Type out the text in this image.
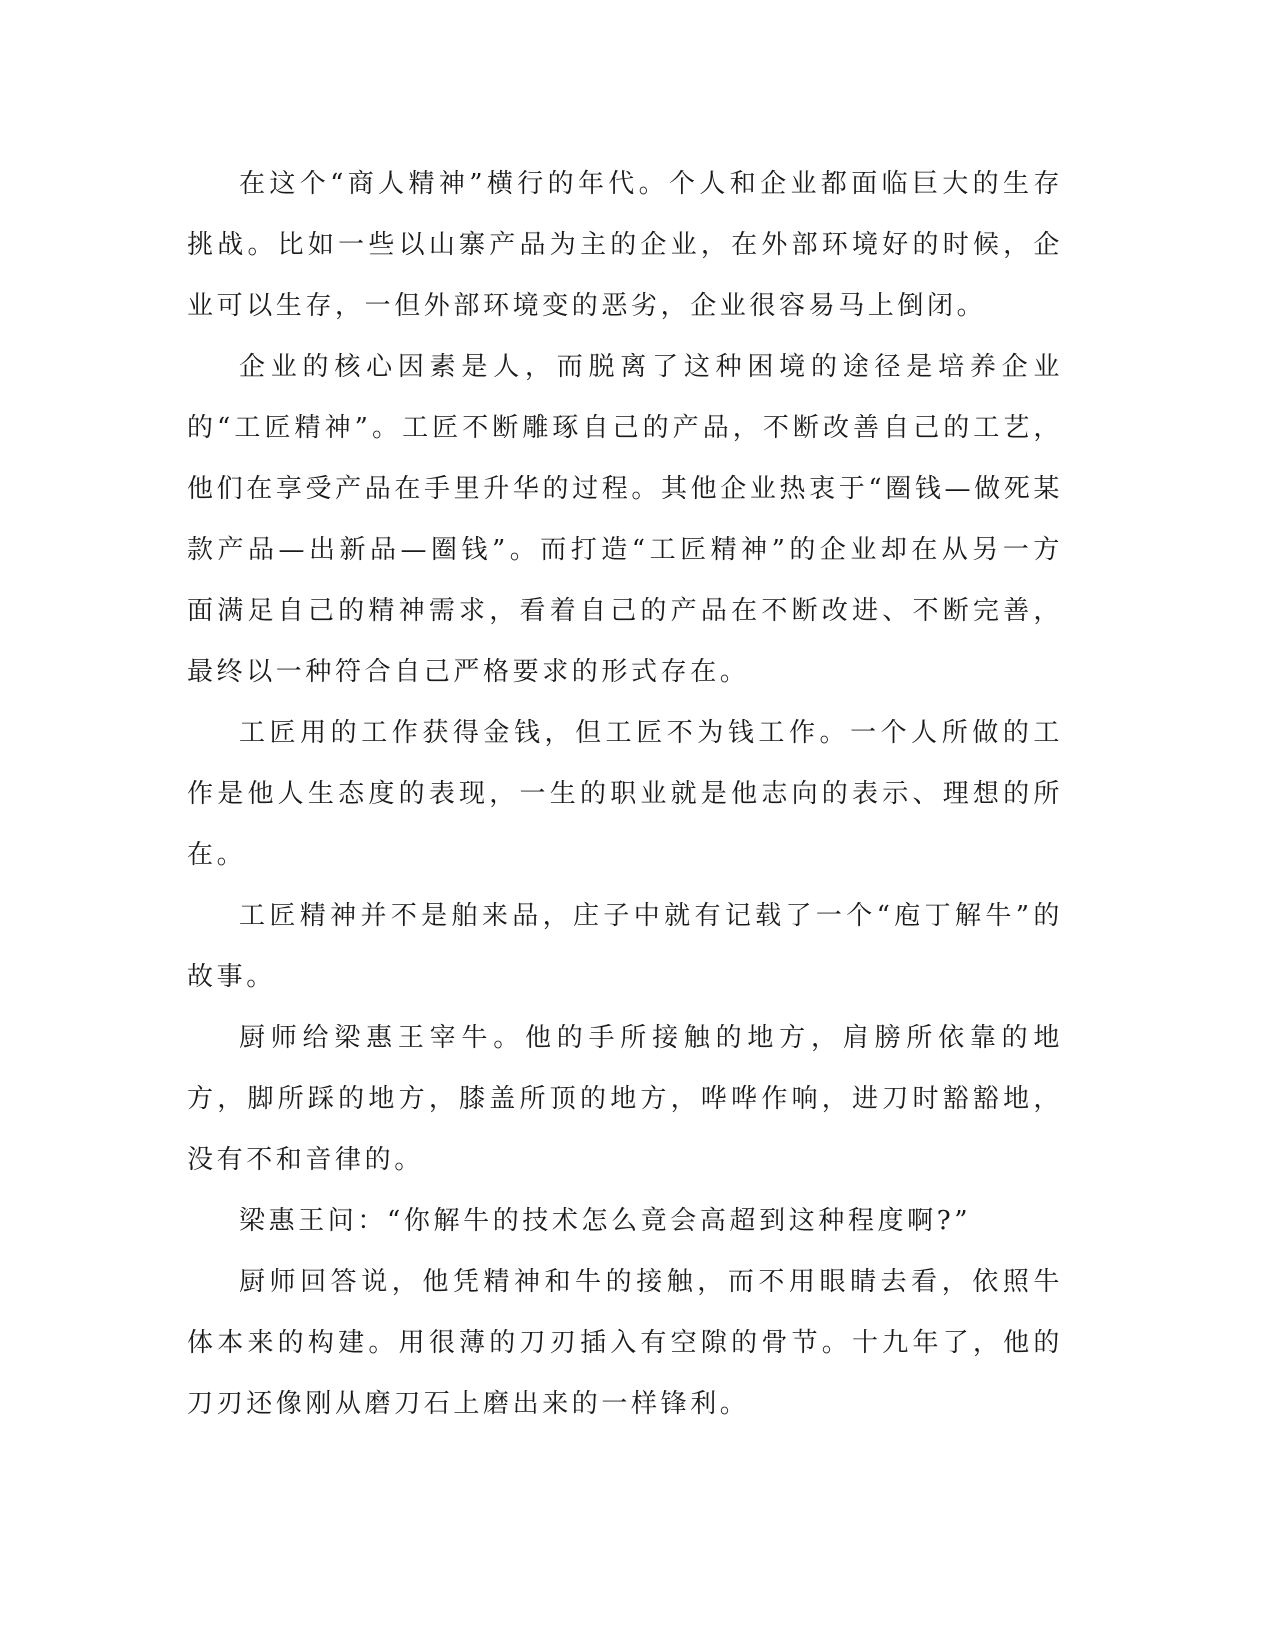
在这个“商人精神”横行的年代。个人和企业都面临巨大的生存挑战。比如一些以山寨产品为主的企业，在外部环境好的时候，企业可以生存，一但外部环境变的恶劣，企业很容易马上倒闭。

企业的核心因素是人，而脱离了这种困境的途径是培养企业的“工匠精神”。工匠不断雕琢自己的产品，不断改善自己的工艺，他们在享受产品在手里升华的过程。其他企业热衷于“圈钱—做死某款产品—出新品—圈钱”。而打造“工匠精神”的企业却在从另一方面满足自己的精神需求，看着自己的产品在不断改进、不断完善，最终以一种符合自己严格要求的形式存在。

工匠用的工作获得金钱，但工匠不为钱工作。一个人所做的工作是他人生态度的表现，一生的职业就是他志向的表示、理想的所在。

工匠精神并不是舶来品，庄子中就有记载了一个“庖丁解牛”的故事。

厨师给梁惠王宰牛。他的手所接触的地方，肩膀所依靠的地方，脚所踩的地方，膝盖所顶的地方，哗哗作响，进刀时豁豁地，没有不和音律的。

梁惠王问：“你解牛的技术怎么竟会高超到这种程度啊?”

厨师回答说，他凭精神和牛的接触，而不用眼睛去看，依照牛体本来的构建。用很薄的刀刃插入有空隙的骨节。十九年了，他的刀刃还像刚从磨刀石上磨出来的一样锋利。
